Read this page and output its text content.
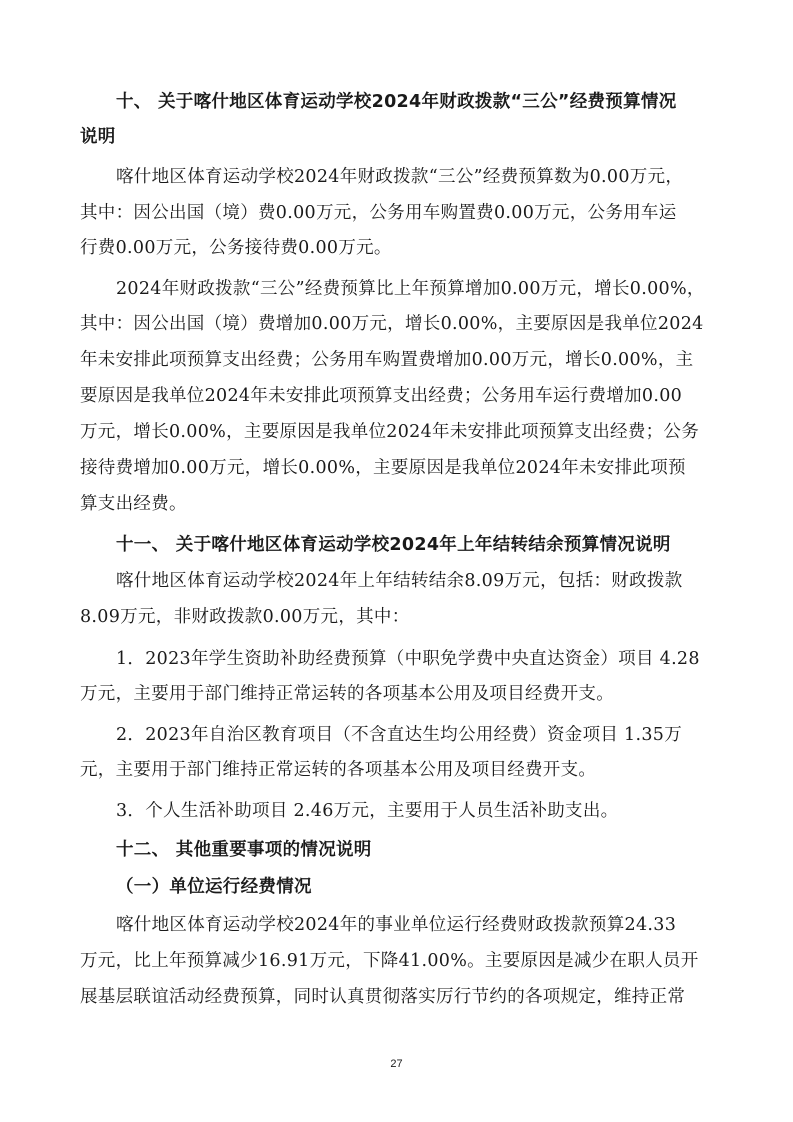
十、 关于喀什地区体育运动学校2024年财政拨款“三公”经费预算情况
说明
喀什地区体育运动学校2024年财政拨款“三公”经费预算数为0.00万元，
其中：因公出国（境）费0.00万元，公务用车购置费0.00万元，公务用车运
行费0.00万元，公务接待费0.00万元。
2024年财政拨款“三公”经费预算比上年预算增加0.00万元，增长0.00%，
其中：因公出国（境）费增加0.00万元，增长0.00%，主要原因是我单位2024
年未安排此项预算支出经费；公务用车购置费增加0.00万元，增长0.00%，主
要原因是我单位2024年未安排此项预算支出经费；公务用车运行费增加0.00
万元，增长0.00%，主要原因是我单位2024年未安排此项预算支出经费；公务
接待费增加0.00万元，增长0.00%，主要原因是我单位2024年未安排此项预
算支出经费。
十一、 关于喀什地区体育运动学校2024年上年结转结余预算情况说明
喀什地区体育运动学校2024年上年结转结余8.09万元，包括：财政拨款
8.09万元，非财政拨款0.00万元，其中：
1．2023年学生资助补助经费预算（中职免学费中央直达资金）项目 4.28
万元，主要用于部门维持正常运转的各项基本公用及项目经费开支。
2．2023年自治区教育项目（不含直达生均公用经费）资金项目 1.35万
元，主要用于部门维持正常运转的各项基本公用及项目经费开支。
3．个人生活补助项目 2.46万元，主要用于人员生活补助支出。
十二、 其他重要事项的情况说明
（一）单位运行经费情况
喀什地区体育运动学校2024年的事业单位运行经费财政拨款预算24.33
万元，比上年预算减少16.91万元，下降41.00%。主要原因是减少在职人员开
展基层联谊活动经费预算，同时认真贯彻落实厉行节约的各项规定，维持正常
27
